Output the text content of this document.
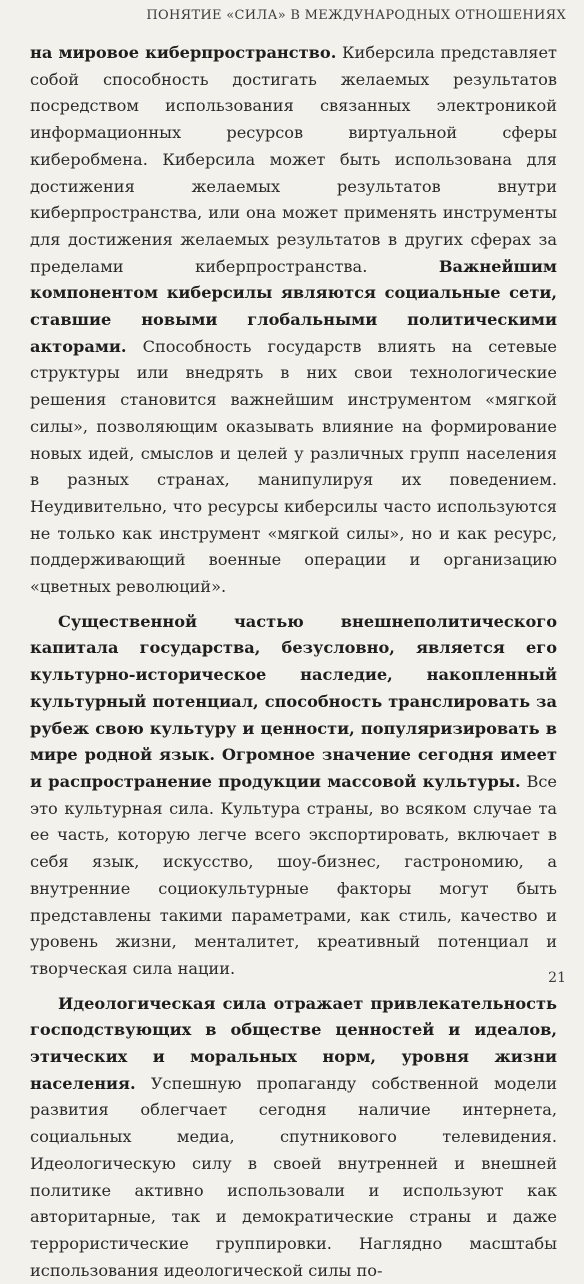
ПОНЯТИЕ «СИЛА» В МЕЖДУНАРОДНЫХ ОТНОШЕНИЯХ

на мировое киберпространство. Киберсила представляет собой способность достигать желаемых результатов посредством использования связанных электроникой информационных ресурсов виртуальной сферы киберобмена. Киберсила может быть использована для достижения желаемых результатов внутри киберпространства, или она может применять инструменты для достижения желаемых результатов в других сферах за пределами киберпространства. Важнейшим компонентом киберсилы являются социальные сети, ставшие новыми глобальными политическими акторами. Способность государств влиять на сетевые структуры или внедрять в них свои технологические решения становится важнейшим инструментом «мягкой силы», позволяющим оказывать влияние на формирование новых идей, смыслов и целей у различных групп населения в разных странах, манипулируя их поведением. Неудивительно, что ресурсы киберсилы часто используются не только как инструмент «мягкой силы», но и как ресурс, поддерживающий военные операции и организацию «цветных революций».

Существенной частью внешнеполитического капитала государства, безусловно, является его культурно-историческое наследие, накопленный культурный потенциал, способность транслировать за рубеж свою культуру и ценности, популяризировать в мире родной язык. Огромное значение сегодня имеет и распространение продукции массовой культуры. Все это культурная сила. Культура страны, во всяком случае та ее часть, которую легче всего экспортировать, включает в себя язык, искусство, шоу-бизнес, гастрономию, а внутренние социокультурные факторы могут быть представлены такими параметрами, как стиль, качество и уровень жизни, менталитет, креативный потенциал и творческая сила нации.

Идеологическая сила отражает привлекательность господствующих в обществе ценностей и идеалов, этических и моральных норм, уровня жизни населения. Успешную пропаганду собственной модели развития облегчает сегодня наличие интернета, социальных медиа, спутникового телевидения. Идеологическую силу в своей внутренней и внешней политике активно использовали и используют как авторитарные, так и демократические страны и даже террористические группировки. Наглядно масштабы использования идеологической силы по-

21
